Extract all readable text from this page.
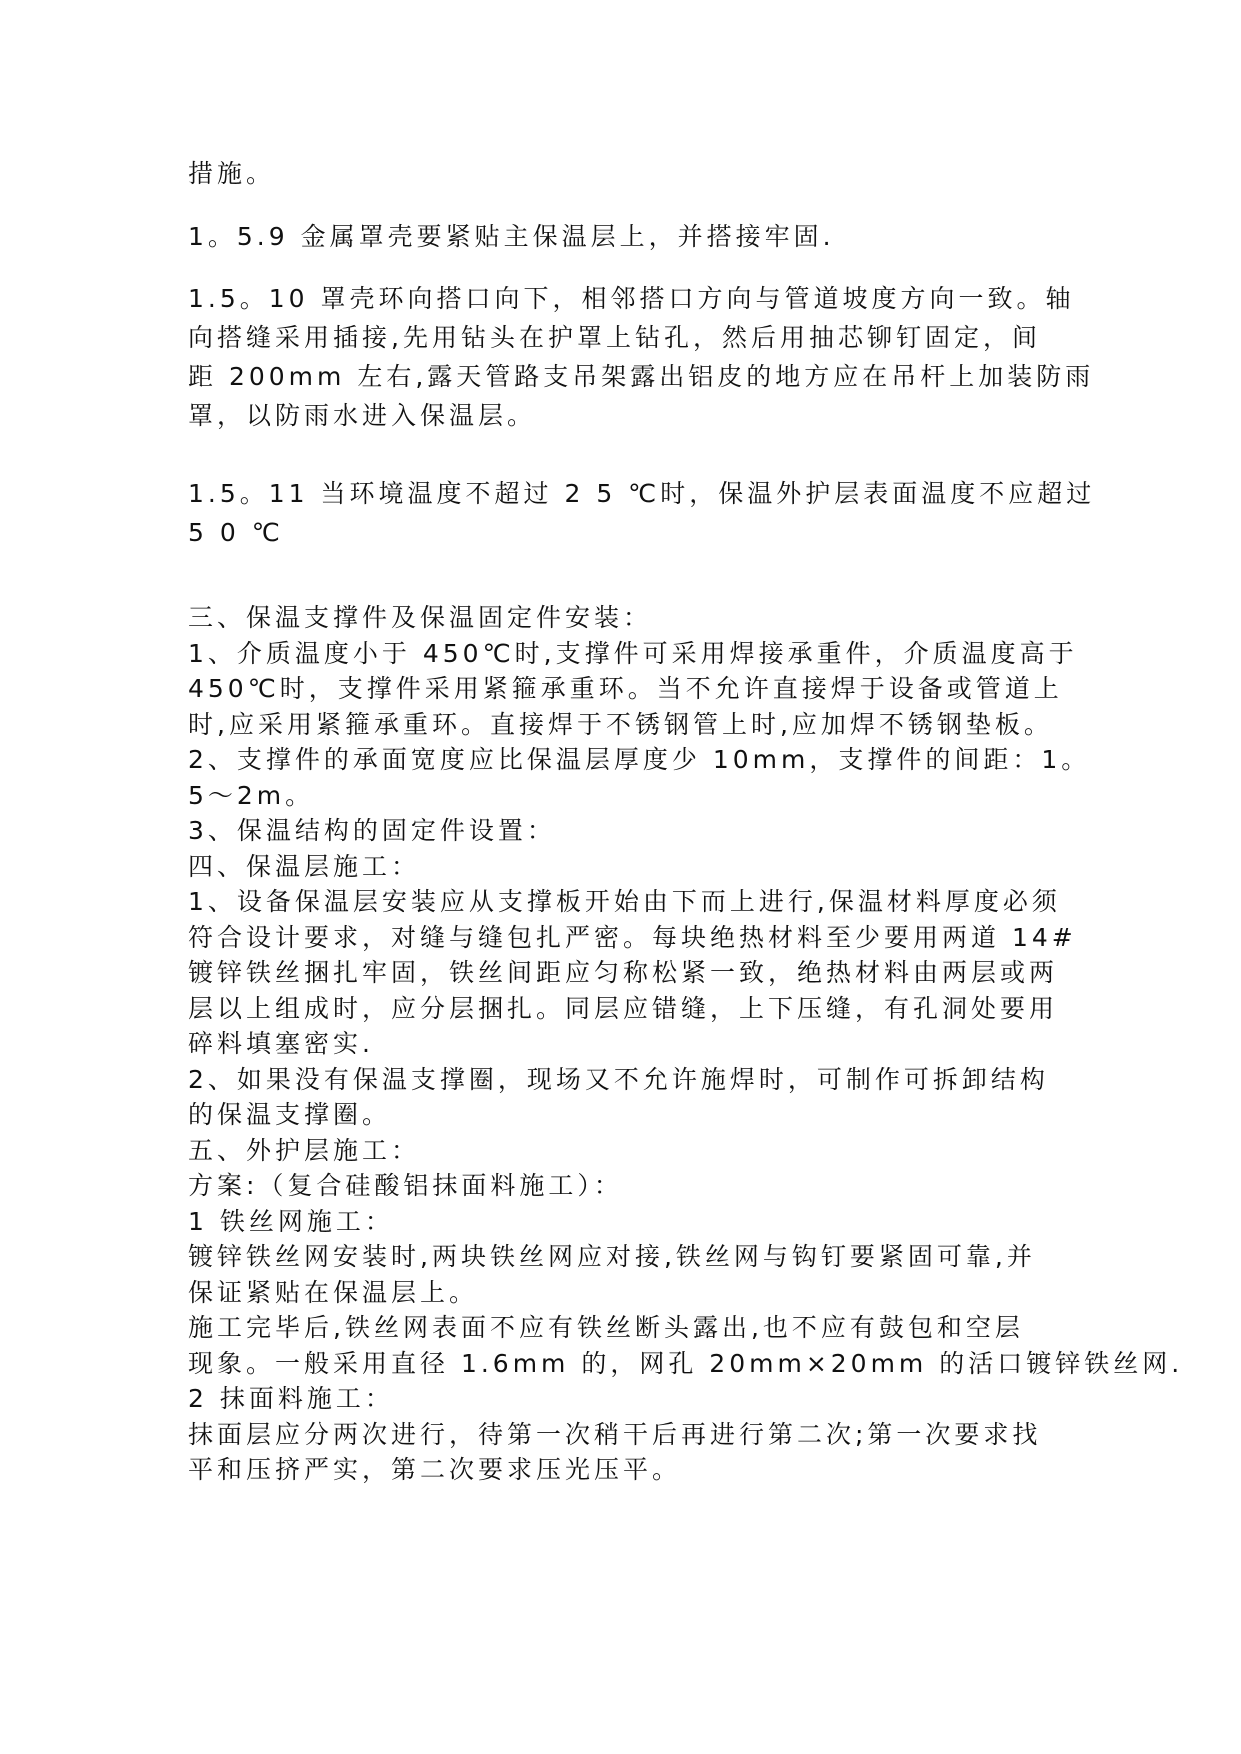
措施。
1。5.9 金属罩壳要紧贴主保温层上，并搭接牢固.
1.5。10 罩壳环向搭口向下，相邻搭口方向与管道坡度方向一致。轴
向搭缝采用插接,先用钻头在护罩上钻孔，然后用抽芯铆钉固定，间
距 200mm 左右,露天管路支吊架露出铝皮的地方应在吊杆上加装防雨
罩，以防雨水进入保温层。
1.5。11 当环境温度不超过 2 5 ℃时，保温外护层表面温度不应超过
5 0 ℃
三、保温支撑件及保温固定件安装：
1、介质温度小于 450℃时,支撑件可采用焊接承重件，介质温度高于
450℃时，支撑件采用紧箍承重环。当不允许直接焊于设备或管道上
时,应采用紧箍承重环。直接焊于不锈钢管上时,应加焊不锈钢垫板。
2、支撑件的承面宽度应比保温层厚度少 10mm，支撑件的间距：1。
5～2m。
3、保温结构的固定件设置：
四、保温层施工：
1、设备保温层安装应从支撑板开始由下而上进行,保温材料厚度必须
符合设计要求，对缝与缝包扎严密。每块绝热材料至少要用两道 14#
镀锌铁丝捆扎牢固，铁丝间距应匀称松紧一致，绝热材料由两层或两
层以上组成时，应分层捆扎。同层应错缝，上下压缝，有孔洞处要用
碎料填塞密实.
2、如果没有保温支撑圈，现场又不允许施焊时，可制作可拆卸结构
的保温支撑圈。
五、外护层施工：
方案:（复合硅酸铝抹面料施工）：
1 铁丝网施工：
镀锌铁丝网安装时,两块铁丝网应对接,铁丝网与钩钉要紧固可靠,并
保证紧贴在保温层上。
施工完毕后,铁丝网表面不应有铁丝断头露出,也不应有鼓包和空层
现象。一般采用直径 1.6mm 的，网孔 20mm×20mm 的活口镀锌铁丝网.
2 抹面料施工：
抹面层应分两次进行，待第一次稍干后再进行第二次;第一次要求找
平和压挤严实，第二次要求压光压平。
